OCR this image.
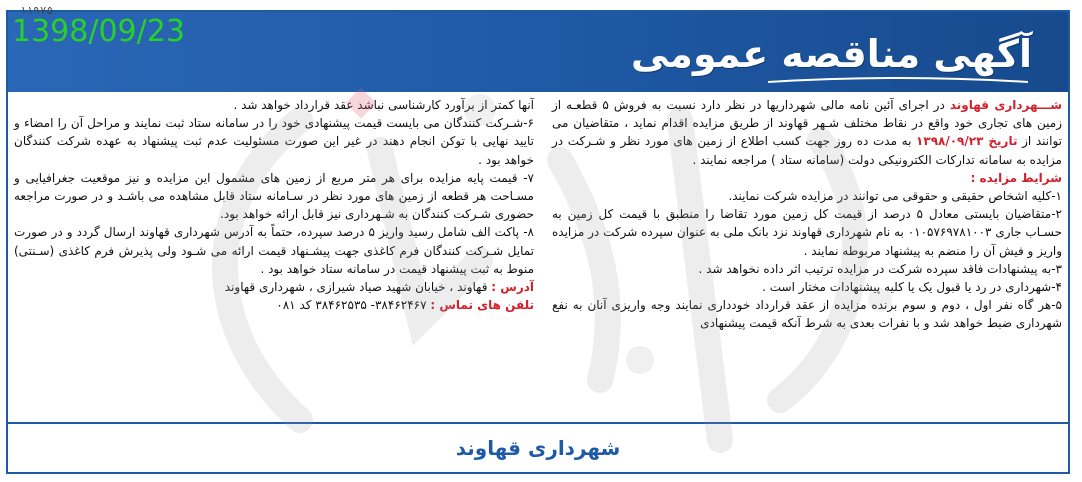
آگهی مناقصه عمومی
۱۱۹۷۵
1398/09/23

شـــهرداری قهاوند در اجرای آئین نامه مالی شهرداریها در نظر دارد نسبت به فروش ۵ قطعـه از زمین های تجاری خود واقع در نقاط مختلف شـهر قهاوند از طریق مزایده اقدام نماید ، متقاضیان می توانند از تاریخ ۱۳۹۸/۰۹/۲۳ به مدت ده روز جهت کسب اطلاع از زمین های مورد نظر و شـرکت در مزایده به سامانه تدارکات الکترونیکی دولت (سامانه ستاد ) مراجعه نمایند .

شرایط مزایده :

۱-کلیه اشخاص حقیقی و حقوقی می توانند در مزایده شرکت نمایند.

۲-متقاضیان بایستی معادل ۵ درصد از قیمت کل زمین مورد تقاضا را منطبق با قیمت کل زمین به حسـاب جاری ۰۱۰۵۷۶۹۷۸۱۰۰۳ به نام شهرداری قهاوند نزد بانک ملی به عنوان سپرده شرکت در مزایده واریز و فیش آن را منضم به پیشنهاد مربوطه نمایند .

۳-به پیشنهادات فاقد سپرده شرکت در مزایده ترتیب اثر داده نخواهد شد .

۴-شهرداری در رد یا قبول یک یا کلیه پیشنهادات مختار است .

۵-هر گاه نفر اول ، دوم و سوم برنده مزایده از عقد قرارداد خودداری نمایند وجه واریزی آنان به نفع شهرداری ضبط خواهد شد و با نفرات بعدی به شرط آنکه قیمت پیشنهادی

آنها کمتر از برآورد کارشناسی نباشد عقد قرارداد خواهد شد .

۶-شـرکت کنندگان می بایست قیمت پیشنهادی خود را در سامانه ستاد ثبت نمایند و مراحل آن را امضاء و تایید نهایی با توکن انجام دهند در غیر این صورت مسئولیت عدم ثبت پیشنهاد به عهده شرکت کنندگان خواهد بود .

۷- قیمت پایه مزایده برای هر متر مربع از زمین های مشمول این مزایده و نیز موقعیت جغرافیایی و مسـاحت هر قطعه از زمین های مورد نظر در سـامانه ستاد قابل مشاهده می باشـد و در صورت مراجعه حضوری شـرکت کنندگان به شـهرداری نیز قابل ارائه خواهد بود.

۸- پاکت الف شامل رسید واریز ۵ درصد سپرده، حتماً به آدرس شهرداری قهاوند ارسال گردد و در صورت تمایل شـرکت کنندگان فرم کاغذی جهت پیشـنهاد قیمت ارائه می شـود ولی پذیرش فرم کاغذی (سـنتی) منوط به ثبت پیشنهاد قیمت در سامانه ستاد خواهد بود .

آدرس : قهاوند ، خیابان شهید صیاد شیرازی ، شهرداری قهاوند

تلفن های تماس : ۳۸۴۶۲۴۶۷- ۳۸۴۶۲۵۳۵ کد ۰۸۱

شهرداری قهاوند
